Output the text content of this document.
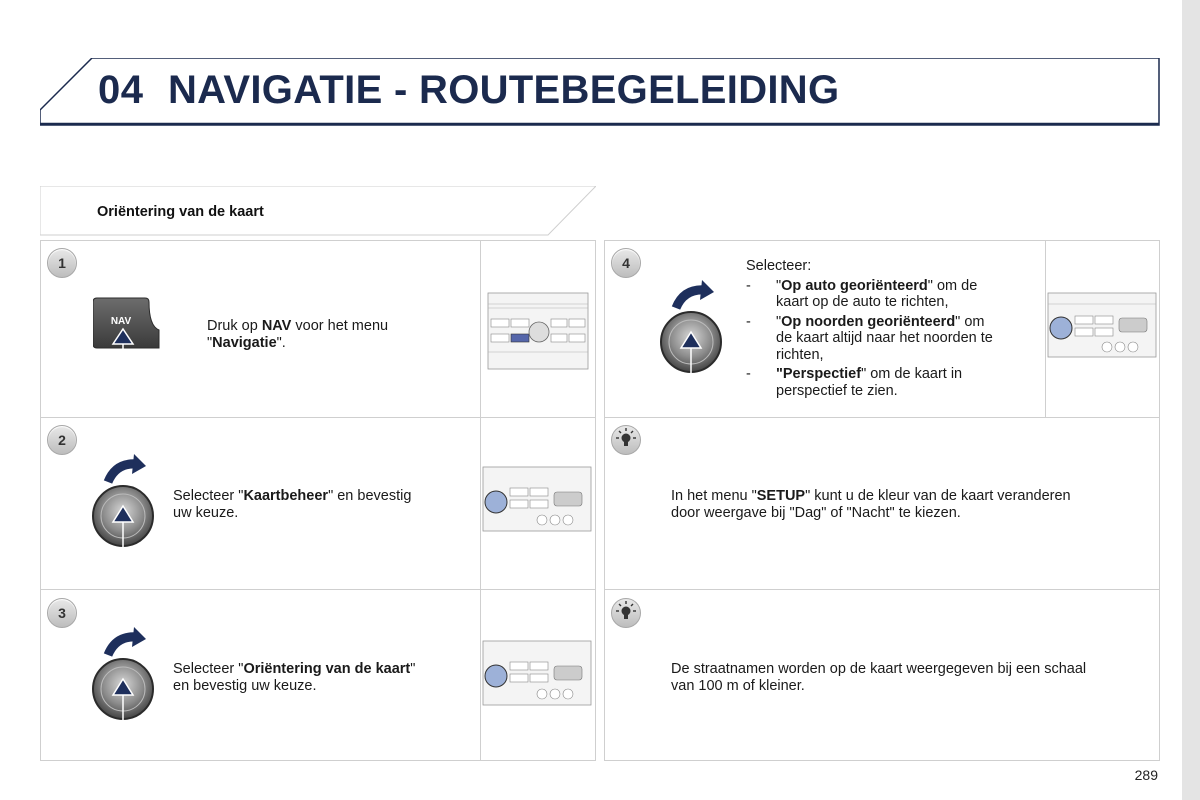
04 NAVIGATIE - ROUTEBEGELEIDING
Oriëntering van de kaart
1
NAV	Druk op NAV voor het menu
"Navigatie".
2
Selecteer "Kaartbeheer" en bevestig
uw keuze.
3
Selecteer "Oriëntering van de kaart"
en bevestig uw keuze.
4	Selecteer:
- "Op auto georiënteerd" om de
kaart op de auto te richten,
- "Op noorden georiënteerd" om
de kaart altijd naar het noorden te
richten,
- "Perspectief" om de kaart in
perspectief te zien.
In het menu "SETUP" kunt u de kleur van de kaart veranderen
door weergave bij "Dag" of "Nacht" te kiezen.
De straatnamen worden op de kaart weergegeven bij een schaal
van 100 m of kleiner.
289
